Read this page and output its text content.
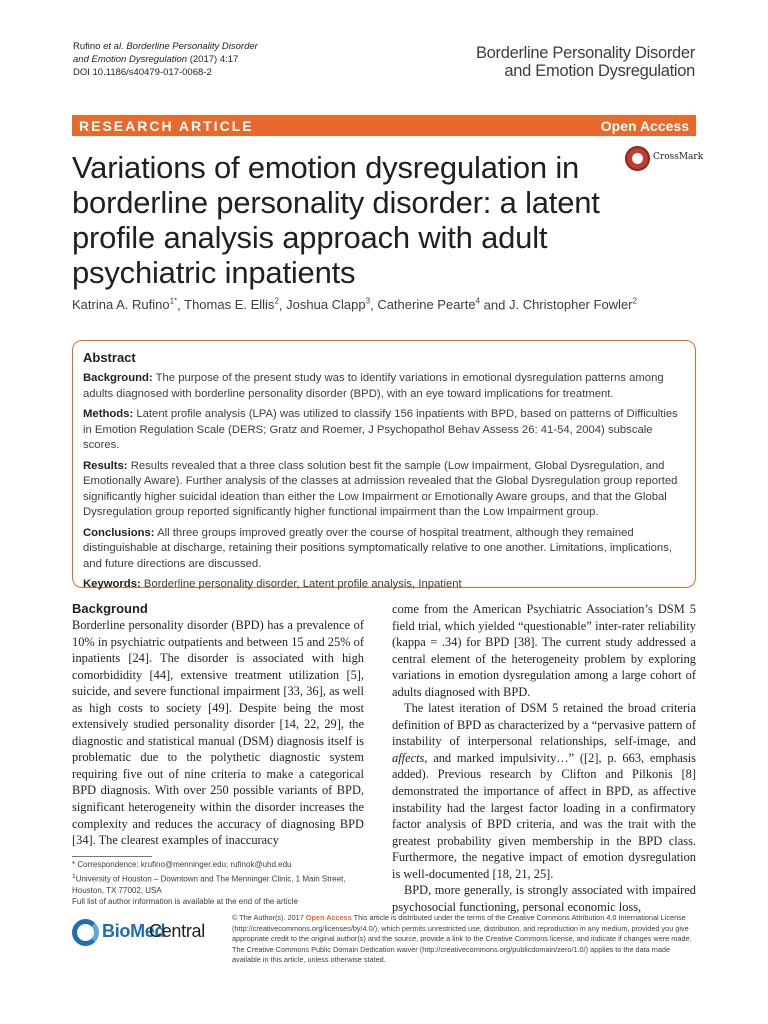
Rufino et al. Borderline Personality Disorder
and Emotion Dysregulation (2017) 4:17
DOI 10.1186/s40479-017-0068-2
Borderline Personality Disorder
and Emotion Dysregulation
RESEARCH ARTICLE	Open Access
Variations of emotion dysregulation in borderline personality disorder: a latent profile analysis approach with adult psychiatric inpatients
CrossMark
Katrina A. Rufino$^{1*}$, Thomas E. Ellis$^2$, Joshua Clapp$^3$, Catherine Pearte$^4$ and J. Christopher Fowler$^2$
Abstract

Background: The purpose of the present study was to identify variations in emotional dysregulation patterns among adults diagnosed with borderline personality disorder (BPD), with an eye toward implications for treatment.

Methods: Latent profile analysis (LPA) was utilized to classify 156 inpatients with BPD, based on patterns of Difficulties in Emotion Regulation Scale (DERS; Gratz and Roemer, J Psychopathol Behav Assess 26: 41-54, 2004) subscale scores.

Results: Results revealed that a three class solution best fit the sample (Low Impairment, Global Dysregulation, and Emotionally Aware). Further analysis of the classes at admission revealed that the Global Dysregulation group reported significantly higher suicidal ideation than either the Low Impairment or Emotionally Aware groups, and that the Global Dysregulation group reported significantly higher functional impairment than the Low Impairment group.

Conclusions: All three groups improved greatly over the course of hospital treatment, although they remained distinguishable at discharge, retaining their positions symptomatically relative to one another. Limitations, implications, and future directions are discussed.

Keywords: Borderline personality disorder, Latent profile analysis, Inpatient

Background

Borderline personality disorder (BPD) has a prevalence of 10% in psychiatric outpatients and between 15 and 25% of inpatients [24]. The disorder is associated with high comorbididity [44], extensive treatment utilization [5], suicide, and severe functional impairment [33, 36], as well as high costs to society [49]. Despite being the most extensively studied personality disorder [14, 22, 29], the diagnostic and statistical manual (DSM) diagnosis itself is problematic due to the polythetic diagnostic system requiring five out of nine criteria to make a categorical BPD diagnosis. With over 250 possible variants of BPD, significant heterogeneity within the disorder increases the complexity and reduces the accuracy of diagnosing BPD [34]. The clearest examples of inaccuracy

come from the American Psychiatric Association’s DSM 5 field trial, which yielded “questionable” inter-rater reliability (kappa = .34) for BPD [38]. The current study addressed a central element of the heterogeneity problem by exploring variations in emotion dysregulation among a large cohort of adults diagnosed with BPD.

The latest iteration of DSM 5 retained the broad criteria definition of BPD as characterized by a “pervasive pattern of instability of interpersonal relationships, self-image, and affects, and marked impulsivity…” ([2], p. 663, emphasis added). Previous research by Clifton and Pilkonis [8] demonstrated the importance of affect in BPD, as affective instability had the largest factor loading in a confirmatory factor analysis of BPD criteria, and was the trait with the greatest probability given membership in the BPD class. Furthermore, the negative impact of emotion dysregulation is well-documented [18, 21, 25].

BPD, more generally, is strongly associated with impaired psychosocial functioning, personal economic loss,

* Correspondence: krufino@menninger.edu; rufinok@uhd.edu
$^1$University of Houston – Downtown and The Menninger Clinic, 1 Main Street, Houston, TX 77002, USA
Full list of author information is available at the end of the article
BioMed
Central
© The Author(s). 2017 Open Access This article is distributed under the terms of the Creative Commons Attribution 4.0 International License (http://creativecommons.org/licenses/by/4.0/), which permits unrestricted use, distribution, and reproduction in any medium, provided you give appropriate credit to the original author(s) and the source, provide a link to the Creative Commons license, and indicate if changes were made. The Creative Commons Public Domain Dedication waiver (http://creativecommons.org/publicdomain/zero/1.0/) applies to the data made available in this article, unless otherwise stated.
